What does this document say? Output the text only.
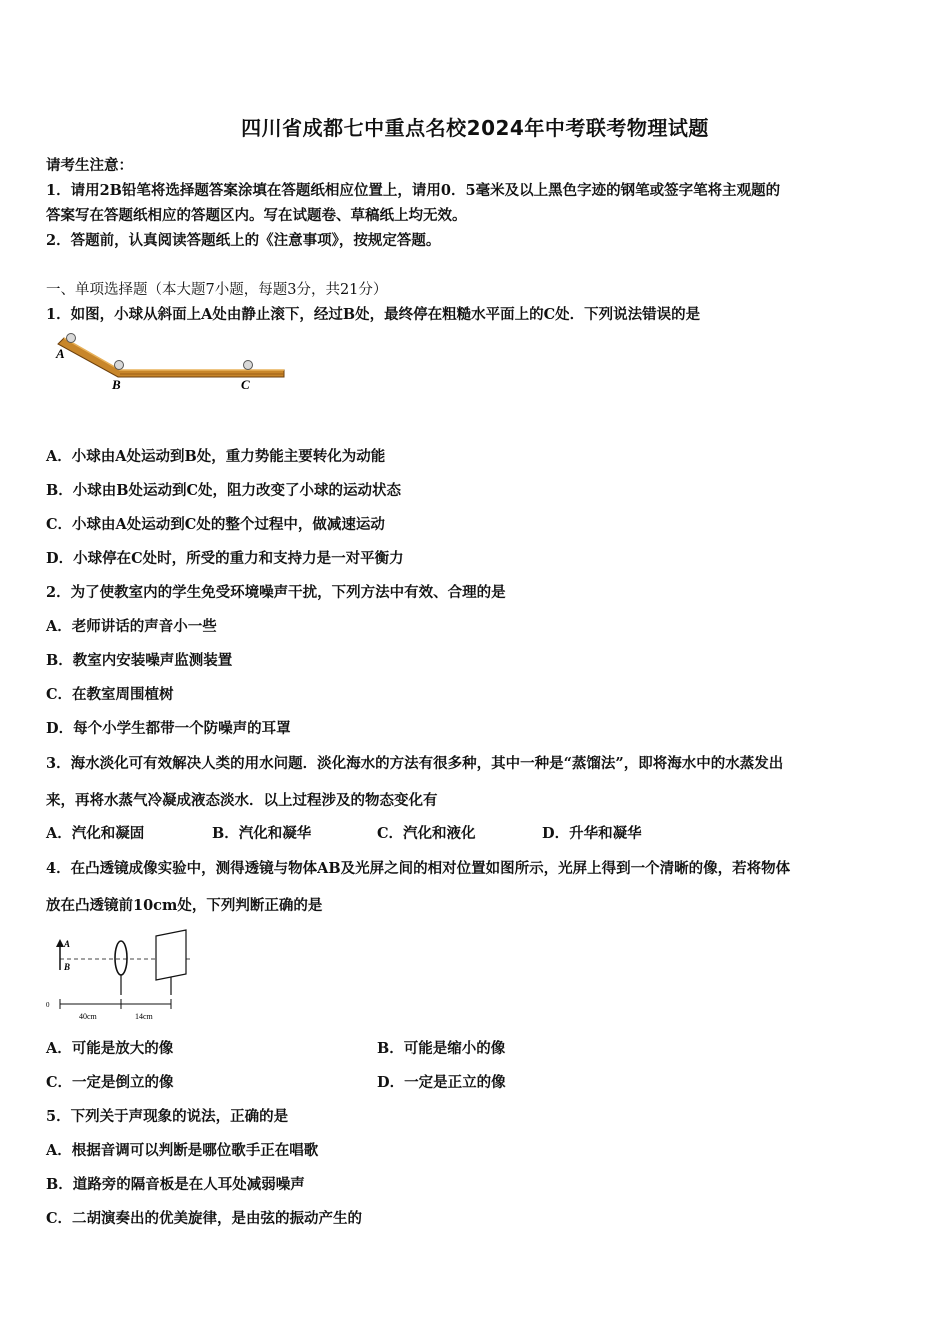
四川省成都七中重点名校2024年中考联考物理试题
请考生注意：
1．请用2B铅笔将选择题答案涂填在答题纸相应位置上，请用0．5毫米及以上黑色字迹的钢笔或签字笔将主观题的
答案写在答题纸相应的答题区内。写在试题卷、草稿纸上均无效。
2．答题前，认真阅读答题纸上的《注意事项》，按规定答题。
一、单项选择题（本大题7小题，每题3分，共21分）
1．如图，小球从斜面上A处由静止滚下，经过B处，最终停在粗糙水平面上的C处．下列说法错误的是
A
B	C
A．小球由A处运动到B处，重力势能主要转化为动能
B．小球由B处运动到C处，阻力改变了小球的运动状态
C．小球由A处运动到C处的整个过程中，做减速运动
D．小球停在C处时，所受的重力和支持力是一对平衡力
2．为了使教室内的学生免受环境噪声干扰，下列方法中有效、合理的是
A．老师讲话的声音小一些
B．教室内安装噪声监测装置
C．在教室周围植树
D．每个小学生都带一个防噪声的耳罩
3．海水淡化可有效解决人类的用水问题．淡化海水的方法有很多种，其中一种是“蒸馏法”，即将海水中的水蒸发出
来，再将水蒸气冷凝成液态淡水．以上过程涉及的物态变化有
A．汽化和凝固	B．汽化和凝华	C．汽化和液化	D．升华和凝华
4．在凸透镜成像实验中，测得透镜与物体AB及光屏之间的相对位置如图所示，光屏上得到一个清晰的像，若将物体
放在凸透镜前10cm处，下列判断正确的是
A
B
0
40cm	14cm
A．可能是放大的像	B．可能是缩小的像
C．一定是倒立的像	D．一定是正立的像
5．下列关于声现象的说法，正确的是
A．根据音调可以判断是哪位歌手正在唱歌
B．道路旁的隔音板是在人耳处减弱噪声
C．二胡演奏出的优美旋律，是由弦的振动产生的
